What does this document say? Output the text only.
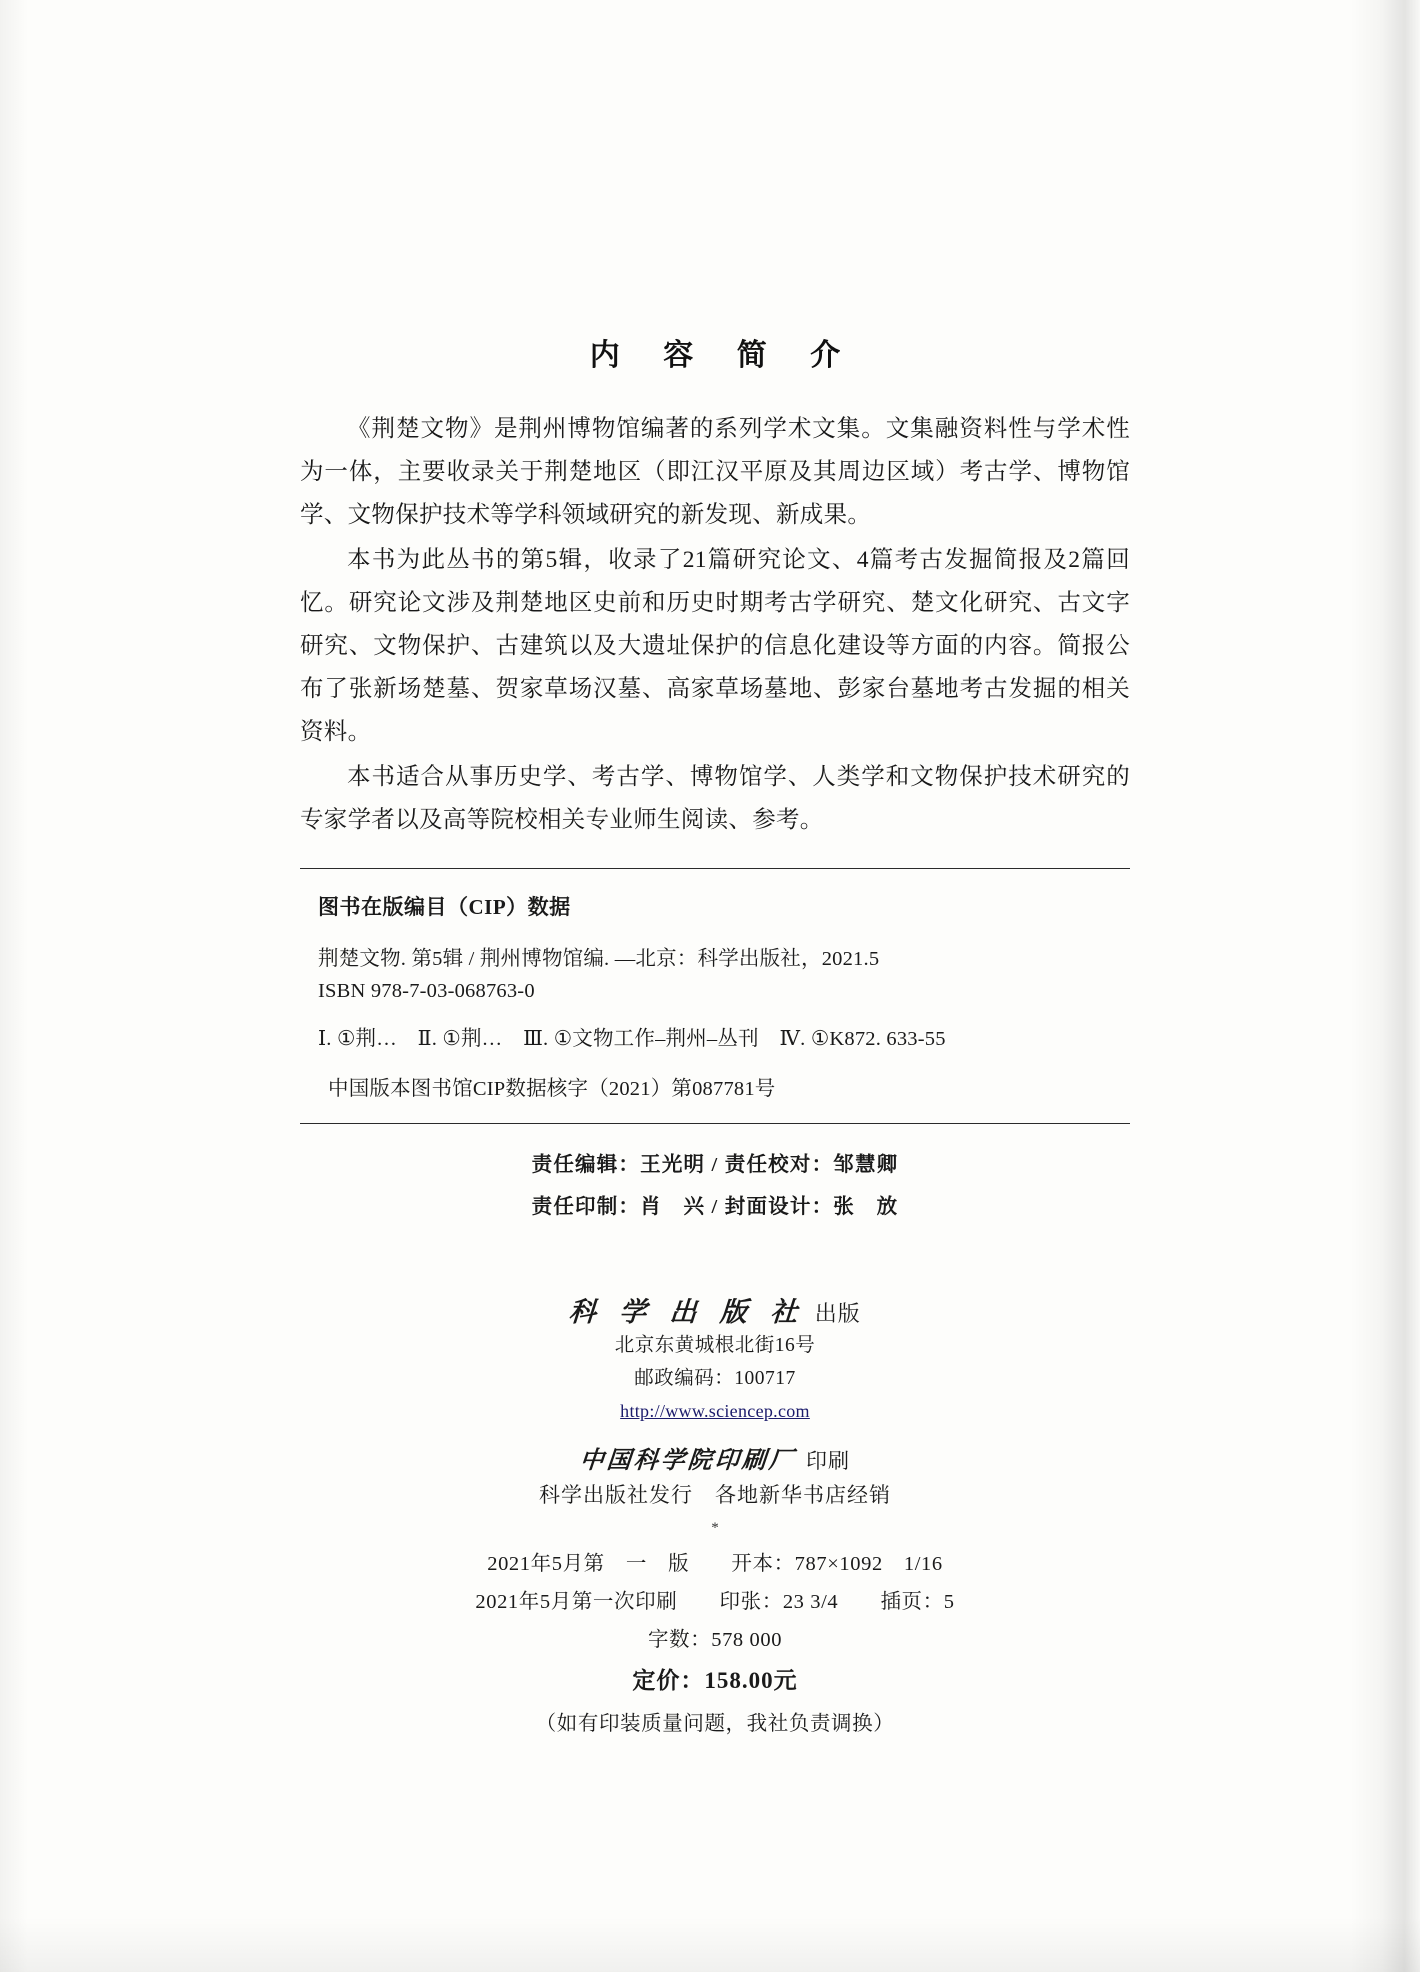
内 容 简 介

《荆楚文物》是荆州博物馆编著的系列学术文集。文集融资料性与学术性为一体，主要收录关于荆楚地区（即江汉平原及其周边区域）考古学、博物馆学、文物保护技术等学科领域研究的新发现、新成果。

本书为此丛书的第5辑，收录了21篇研究论文、4篇考古发掘简报及2篇回忆。研究论文涉及荆楚地区史前和历史时期考古学研究、楚文化研究、古文字研究、文物保护、古建筑以及大遗址保护的信息化建设等方面的内容。简报公布了张新场楚墓、贺家草场汉墓、高家草场墓地、彭家台墓地考古发掘的相关资料。

本书适合从事历史学、考古学、博物馆学、人类学和文物保护技术研究的专家学者以及高等院校相关专业师生阅读、参考。

图书在版编目（CIP）数据
荆楚文物. 第5辑 / 荆州博物馆编. —北京：科学出版社，2021.5
ISBN 978-7-03-068763-0
Ⅰ. ①荆…　Ⅱ. ①荆…　Ⅲ. ①文物工作–荆州–丛刊　Ⅳ. ①K872. 633-55
中国版本图书馆CIP数据核字（2021）第087781号
责任编辑：王光明 / 责任校对：邹慧卿
责任印制：肖　兴 / 封面设计：张　放
科 学 出 版 社 出版
北京东黄城根北街16号
邮政编码：100717
http://www.sciencep.com
中国科学院印刷厂 印刷
科学出版社发行　各地新华书店经销
*
2021年5月第　一　版　　开本：787×1092　1/16
2021年5月第一次印刷　　印张：23 3/4　　插页：5
字数：578 000
定价：158.00元
（如有印装质量问题，我社负责调换）
